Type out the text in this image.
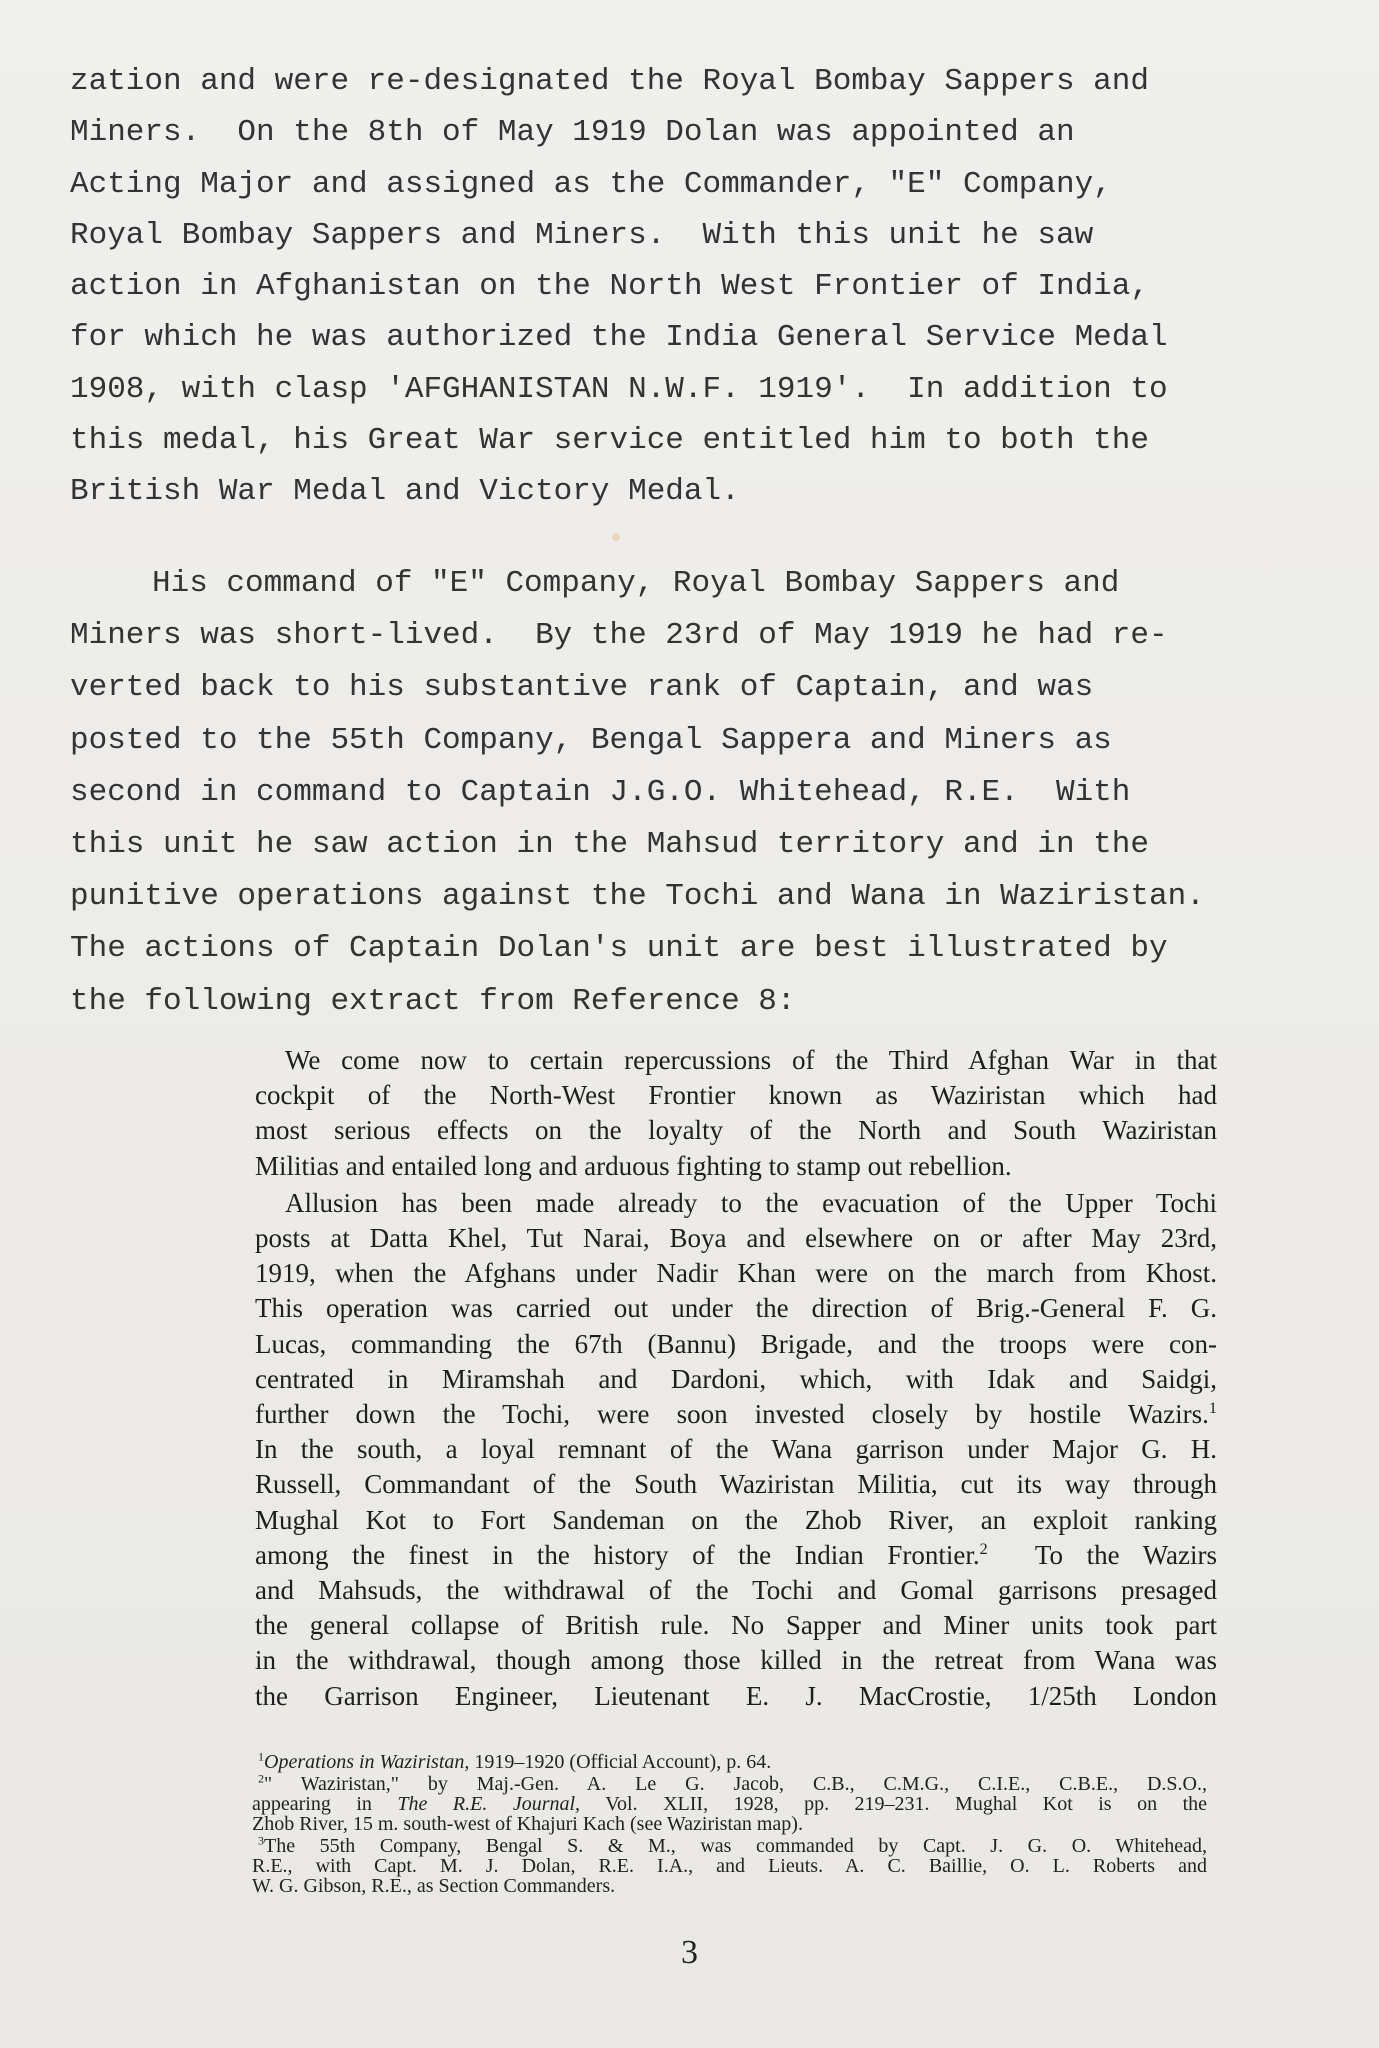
zation and were re-designated the Royal Bombay Sappers and
Miners.  On the 8th of May 1919 Dolan was appointed an
Acting Major and assigned as the Commander, "E" Company,
Royal Bombay Sappers and Miners.  With this unit he saw
action in Afghanistan on the North West Frontier of India,
for which he was authorized the India General Service Medal
1908, with clasp 'AFGHANISTAN N.W.F. 1919'.  In addition to
this medal, his Great War service entitled him to both the
British War Medal and Victory Medal.

His command of "E" Company, Royal Bombay Sappers and
Miners was short-lived.  By the 23rd of May 1919 he had re-
verted back to his substantive rank of Captain, and was
posted to the 55th Company, Bengal Sappera and Miners as
second in command to Captain J.G.O. Whitehead, R.E.  With
this unit he saw action in the Mahsud territory and in the
punitive operations against the Tochi and Wana in Waziristan.
The actions of Captain Dolan's unit are best illustrated by
the following extract from Reference 8:

We come now to certain repercussions of the Third Afghan War in that
cockpit of the North-West Frontier known as Waziristan which had
most serious effects on the loyalty of the North and South Waziristan
Militias and entailed long and arduous fighting to stamp out rebellion.

Allusion has been made already to the evacuation of the Upper Tochi
posts at Datta Khel, Tut Narai, Boya and elsewhere on or after May 23rd,
1919, when the Afghans under Nadir Khan were on the march from Khost.
This operation was carried out under the direction of Brig.-General F. G.
Lucas, commanding the 67th (Bannu) Brigade, and the troops were con-
centrated in Miramshah and Dardoni, which, with Idak and Saidgi,
further down the Tochi, were soon invested closely by hostile Wazirs.$^1$
In the south, a loyal remnant of the Wana garrison under Major G. H.
Russell, Commandant of the South Waziristan Militia, cut its way through
Mughal Kot to Fort Sandeman on the Zhob River, an exploit ranking
among the finest in the history of the Indian Frontier.$^2$ To the Wazirs
and Mahsuds, the withdrawal of the Tochi and Gomal garrisons presaged
the general collapse of British rule. No Sapper and Miner units took part
in the withdrawal, though among those killed in the retreat from Wana was
the Garrison Engineer, Lieutenant E. J. MacCrostie, 1/25th London

$^1$Operations in Waziristan, 1919–1920 (Official Account), p. 64.

$^2$" Waziristan," by Maj.-Gen. A. Le G. Jacob, C.B., C.M.G., C.I.E., C.B.E., D.S.O.,
appearing in The R.E. Journal, Vol. XLII, 1928, pp. 219–231. Mughal Kot is on the
Zhob River, 15 m. south-west of Khajuri Kach (see Waziristan map).

$^3$The 55th Company, Bengal S. & M., was commanded by Capt. J. G. O. Whitehead,
R.E., with Capt. M. J. Dolan, R.E. I.A., and Lieuts. A. C. Baillie, O. L. Roberts and
W. G. Gibson, R.E., as Section Commanders.

3
